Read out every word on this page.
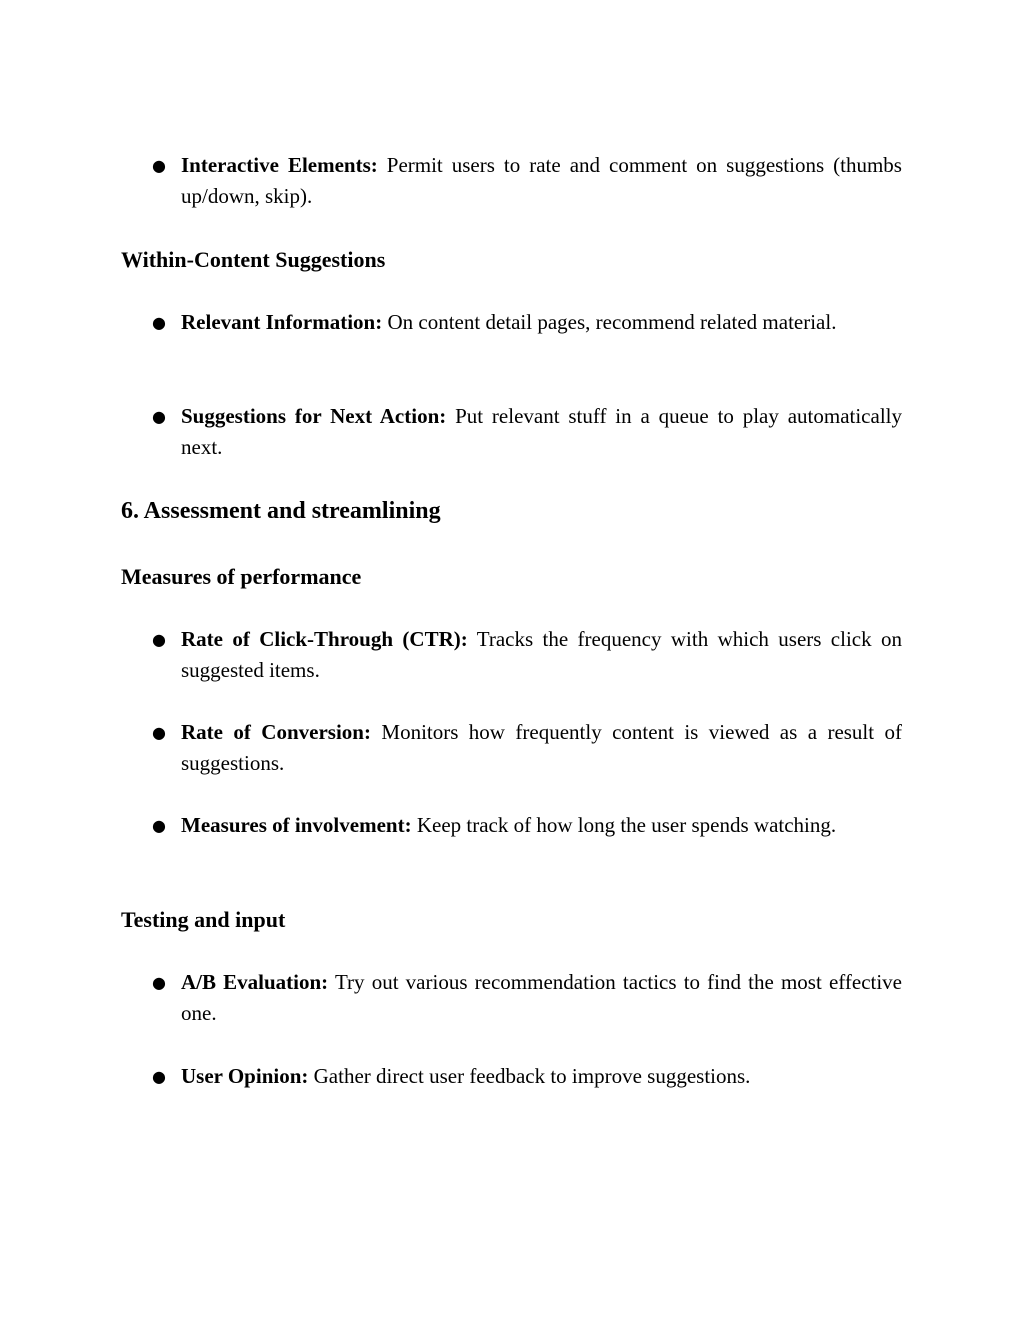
● Interactive Elements: Permit users to rate and comment on suggestions (thumbs up/down, skip).
Within-Content Suggestions
● Relevant Information: On content detail pages, recommend related material.
● Suggestions for Next Action: Put relevant stuff in a queue to play automatically next.
6. Assessment and streamlining
Measures of performance
● Rate of Click-Through (CTR): Tracks the frequency with which users click on suggested items.
● Rate of Conversion: Monitors how frequently content is viewed as a result of suggestions.
● Measures of involvement: Keep track of how long the user spends watching.
Testing and input
● A/B Evaluation: Try out various recommendation tactics to find the most effective one.
● User Opinion: Gather direct user feedback to improve suggestions.
